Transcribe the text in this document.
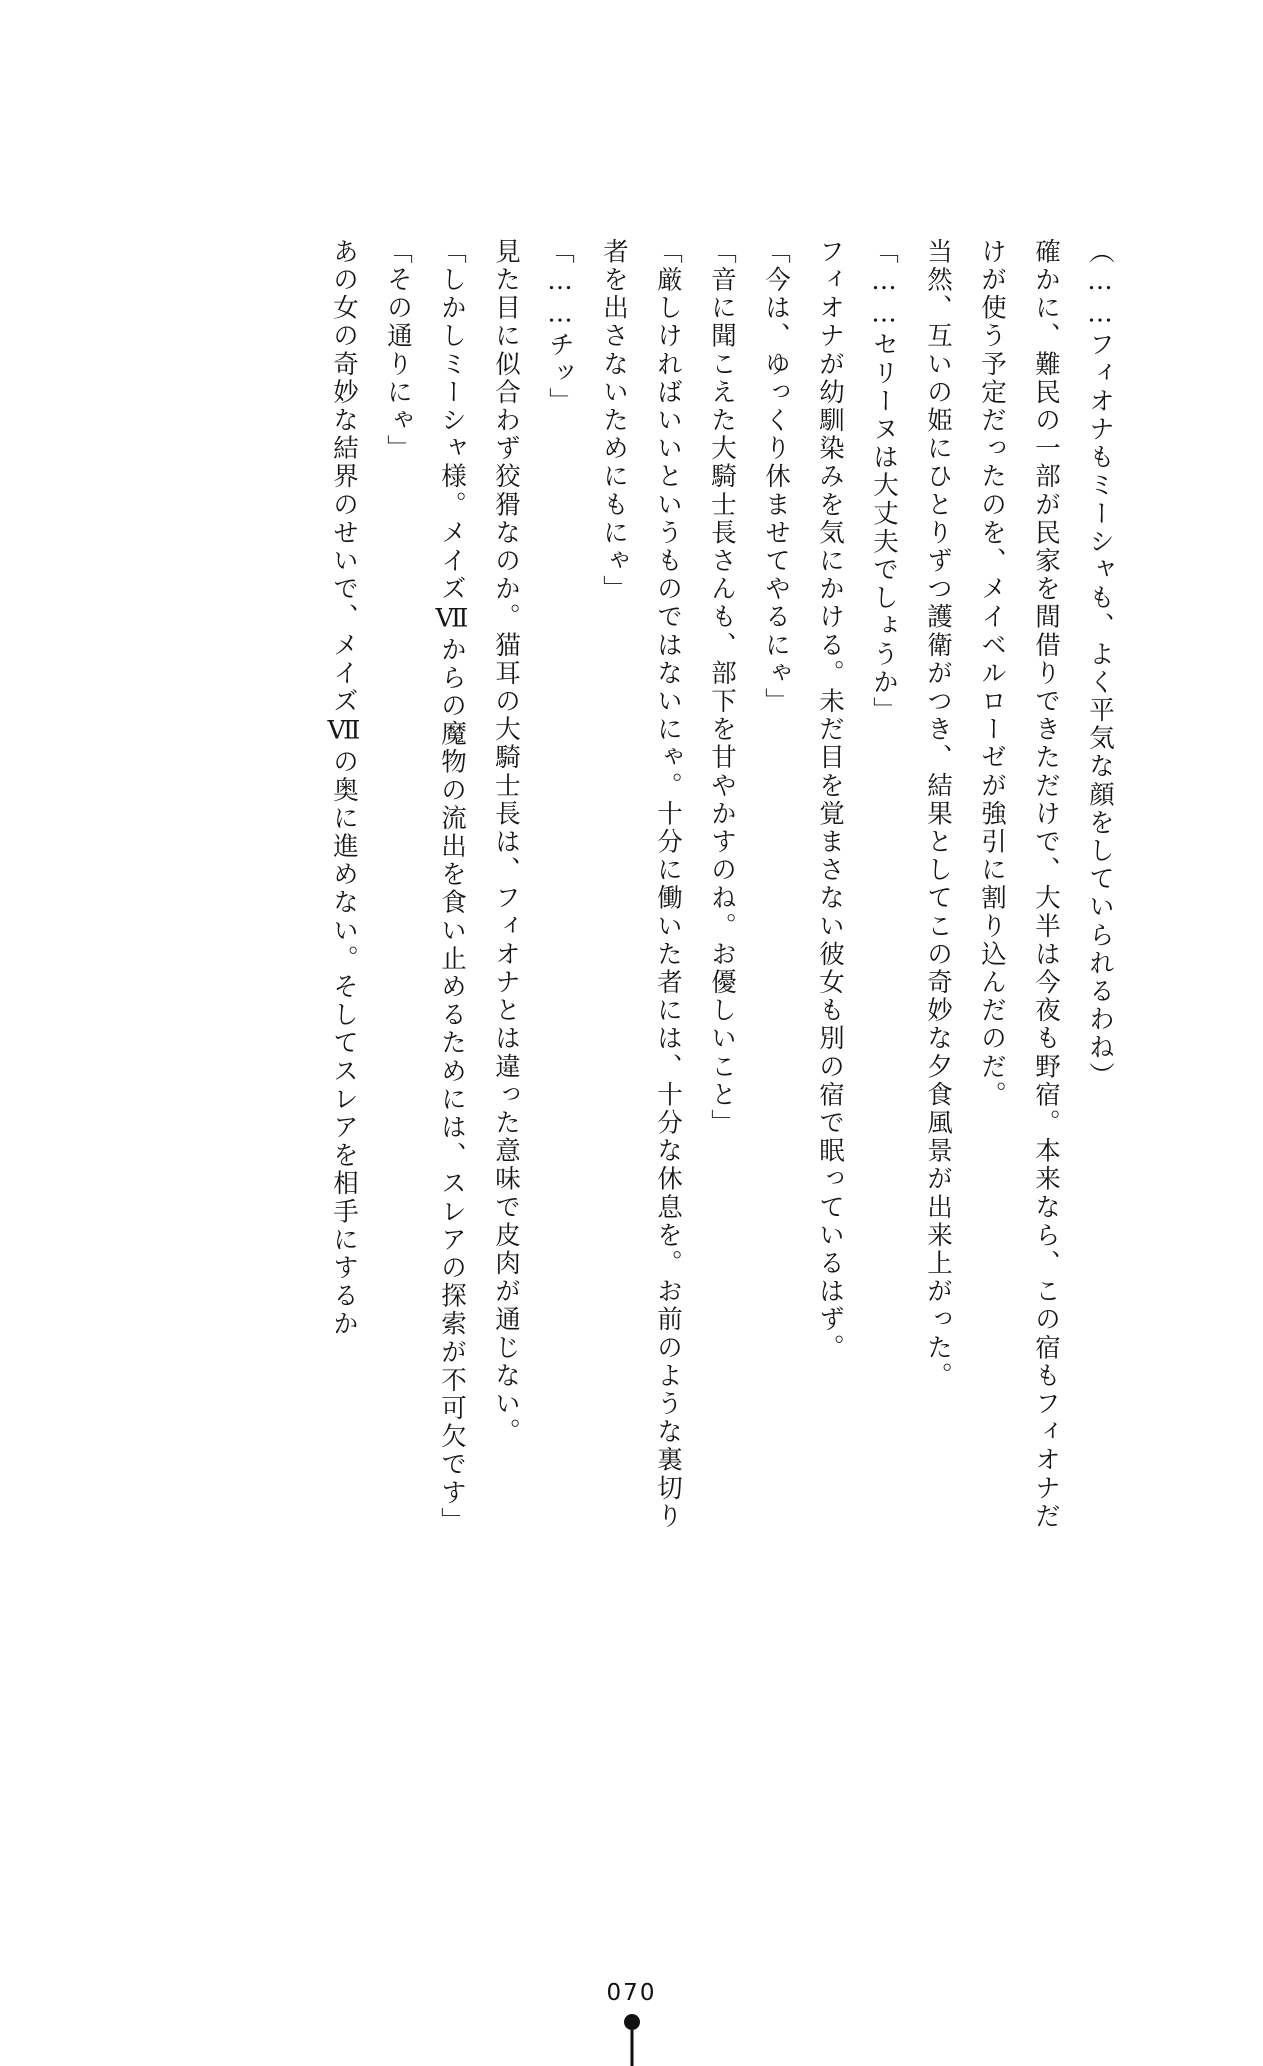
（……フィオナもミーシャも、よく平気な顔をしていられるわね）

確かに、難民の一部が民家を間借りできただけで、大半は今夜も野宿。本来なら、この宿もフィオナだけが使う予定だったのを、メイベルローゼが強引に割り込んだのだ。

当然、互いの姫にひとりずつ護衛がつき、結果としてこの奇妙な夕食風景が出来上がった。

「……セリーヌは大丈夫でしょうか」

フィオナが幼馴染みを気にかける。未だ目を覚まさない彼女も別の宿で眠っているはず。

「今は、ゆっくり休ませてやるにゃ」

「音に聞こえた大騎士長さんも、部下を甘やかすのね。お優しいこと」

「厳しければいいというものではないにゃ。十分に働いた者には、十分な休息を。お前のような裏切り者を出さないためにもにゃ」

「……チッ」

見た目に似合わず狡猾なのか。猫耳の大騎士長は、フィオナとは違った意味で皮肉が通じない。

「しかしミーシャ様。メイズⅦからの魔物の流出を食い止めるためには、スレアの探索が不可欠です」

「その通りにゃ」

あの女の奇妙な結界のせいで、メイズⅦの奥に進めない。そしてスレアを相手にするか

070
